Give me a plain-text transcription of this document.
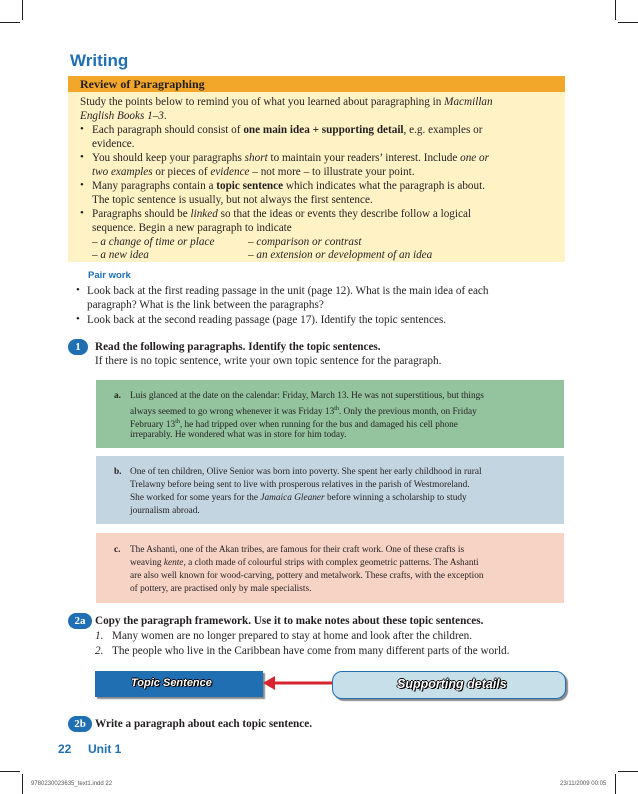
Writing
Review of Paragraphing
Study the points below to remind you of what you learned about paragraphing in Macmillan
English Books 1–3.
• Each paragraph should consist of one main idea + supporting detail, e.g. examples or
evidence.
• You should keep your paragraphs short to maintain your readers’ interest. Include one or
two examples or pieces of evidence – not more – to illustrate your point.
• Many paragraphs contain a topic sentence which indicates what the paragraph is about.
The topic sentence is usually, but not always the first sentence.
• Paragraphs should be linked so that the ideas or events they describe follow a logical
sequence. Begin a new paragraph to indicate
– a change of time or place	– comparison or contrast
– a new idea	– an extension or development of an idea
Pair work
• Look back at the first reading passage in the unit (page 12). What is the main idea of each
paragraph? What is the link between the paragraphs?
• Look back at the second reading passage (page 17). Identify the topic sentences.
1	Read the following paragraphs. Identify the topic sentences.
If there is no topic sentence, write your own topic sentence for the paragraph.
a. Luis glanced at the date on the calendar: Friday, March 13. He was not superstitious, but things
always seemed to go wrong whenever it was Friday 13th. Only the previous month, on Friday
February 13th, he had tripped over when running for the bus and damaged his cell phone
irreparably. He wondered what was in store for him today.
b. One of ten children, Olive Senior was born into poverty. She spent her early childhood in rural
Trelawny before being sent to live with prosperous relatives in the parish of Westmoreland.
She worked for some years for the Jamaica Gleaner before winning a scholarship to study
journalism abroad.
c. The Ashanti, one of the Akan tribes, are famous for their craft work. One of these crafts is
weaving kente, a cloth made of colourful strips with complex geometric patterns. The Ashanti
are also well known for wood-carving, pottery and metalwork. These crafts, with the exception
of pottery, are practised only by male specialists.
2a Copy the paragraph framework. Use it to make notes about these topic sentences.
1. Many women are no longer prepared to stay at home and look after the children.
2. The people who live in the Caribbean have come from many different parts of the world.
Topic Sentence	Supporting details
2b Write a paragraph about each topic sentence.
22 Unit 1
9780230023635_text1.indd 22	23/11/2009 00:05
